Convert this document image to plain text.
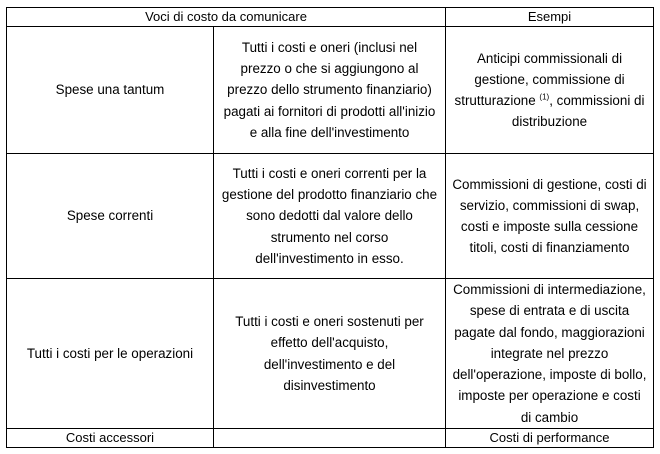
Voci di costo da comunicare		Esempi
Spese una tantum	Tutti i costi e oneri (inclusi nel prezzo o che si aggiungono al prezzo dello strumento finanziario) pagati ai fornitori di prodotti all'inizio e alla fine dell'investimento	Anticipi commissionali di gestione, commissione di strutturazione $^{(1)}$, commissioni di distribuzione
Spese correnti	Tutti i costi e oneri correnti per la gestione del prodotto finanziario che sono dedotti dal valore dello strumento nel corso dell'investimento in esso.	Commissioni di gestione, costi di servizio, commissioni di swap, costi e imposte sulla cessione titoli, costi di finanziamento
Tutti i costi per le operazioni	Tutti i costi e oneri sostenuti per effetto dell'acquisto, dell'investimento e del disinvestimento	Commissioni di intermediazione, spese di entrata e di uscita pagate dal fondo, maggiorazioni integrate nel prezzo dell'operazione, imposte di bollo, imposte per operazione e costi di cambio
Costi accessori		Costi di performance
